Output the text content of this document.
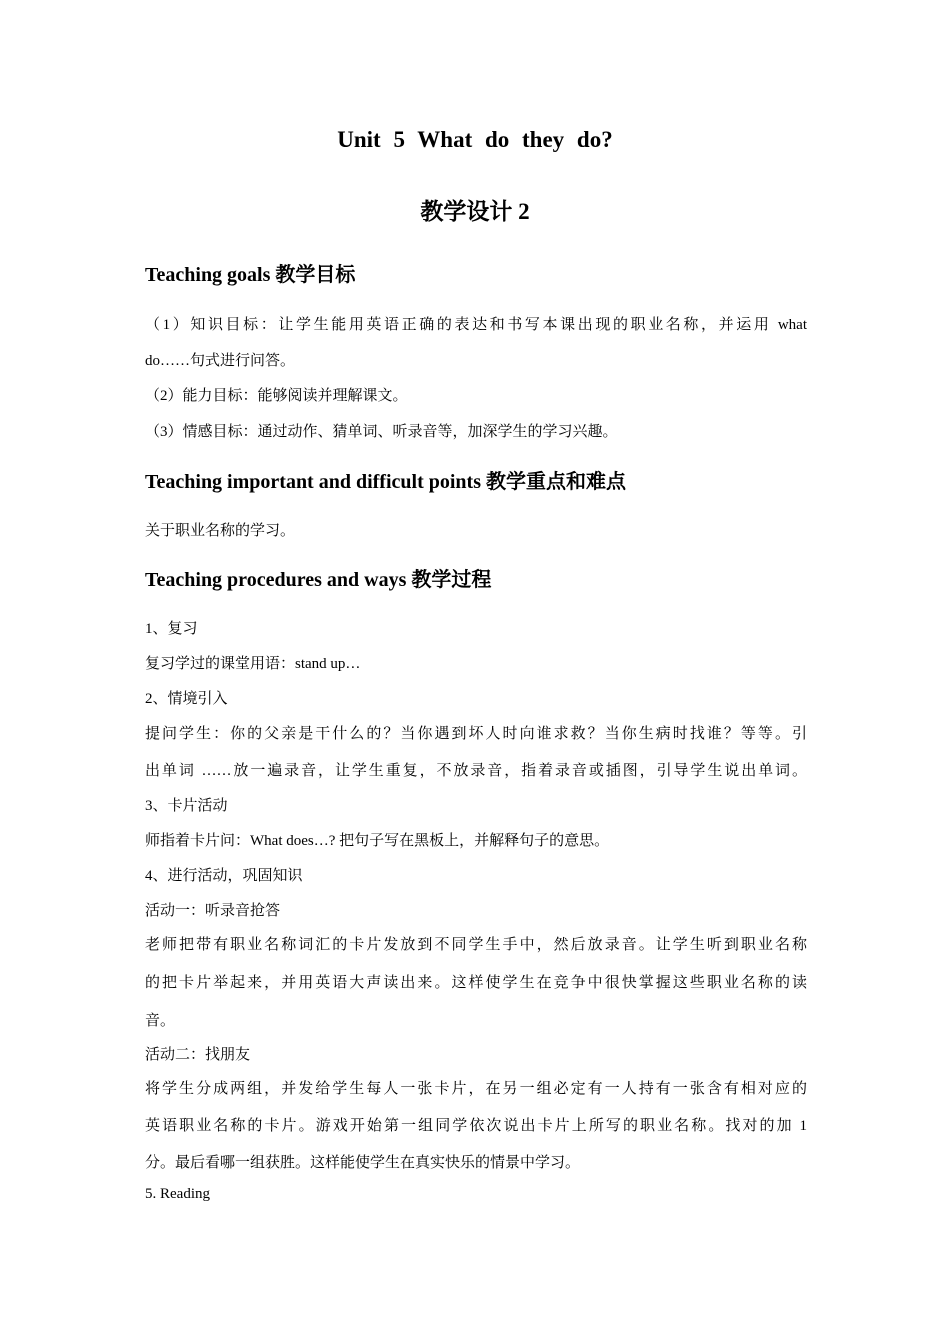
Unit 5 What do they do?
教学设计 2
Teaching goals 教学目标

（1）知识目标：让学生能用英语正确的表达和书写本课出现的职业名称，并运用 what

do……句式进行问答。

（2）能力目标：能够阅读并理解课文。

（3）情感目标：通过动作、猜单词、听录音等，加深学生的学习兴趣。

Teaching important and difficult points 教学重点和难点

关于职业名称的学习。

Teaching procedures and ways 教学过程

1、复习

复习学过的课堂用语：stand up…

2、情境引入

提问学生：你的父亲是干什么的？当你遇到坏人时向谁求救？当你生病时找谁？等等。引

出单词 ……放一遍录音，让学生重复，不放录音，指着录音或插图，引导学生说出单词。

3、卡片活动

师指着卡片问：What does…? 把句子写在黑板上，并解释句子的意思。

4、进行活动，巩固知识

活动一：听录音抢答

老师把带有职业名称词汇的卡片发放到不同学生手中，然后放录音。让学生听到职业名称

的把卡片举起来，并用英语大声读出来。这样使学生在竞争中很快掌握这些职业名称的读

音。

活动二：找朋友

将学生分成两组，并发给学生每人一张卡片，在另一组必定有一人持有一张含有相对应的

英语职业名称的卡片。游戏开始第一组同学依次说出卡片上所写的职业名称。找对的加 1

分。最后看哪一组获胜。这样能使学生在真实快乐的情景中学习。

5. Reading
